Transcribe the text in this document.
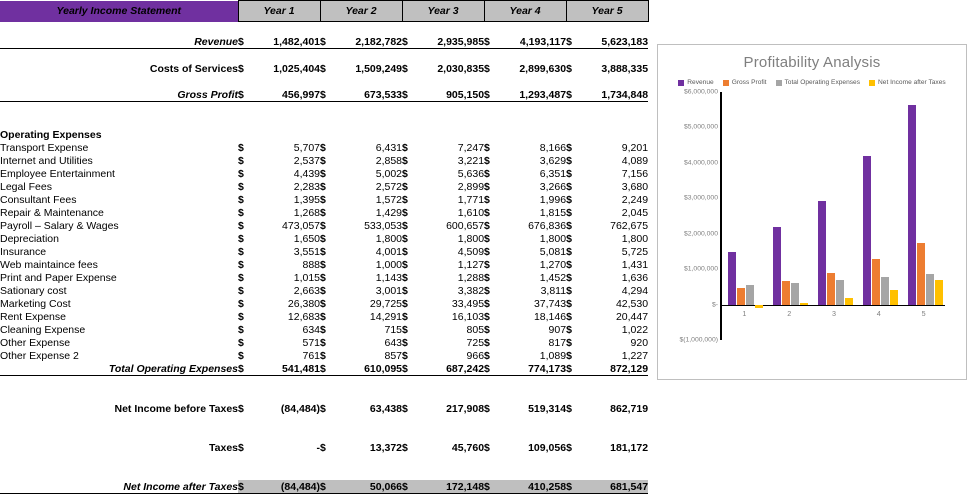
Yearly Income Statement	Year 1		Year 2		Year 3		Year 4		Year 5	

Revenue	$	1,482,401	$	2,182,782	$	2,935,985	$	4,193,117	$	5,623,183

Costs of Services	$	1,025,404	$	1,509,249	$	2,030,835	$	2,899,630	$	3,888,335

Gross Profit	$	456,997	$	673,533	$	905,150	$	1,293,487	$	1,734,848

Operating Expenses										
Transport Expense	$	5,707	$	6,431	$	7,247	$	8,166	$	9,201
Internet and Utilities	$	2,537	$	2,858	$	3,221	$	3,629	$	4,089
Employee Entertainment	$	4,439	$	5,002	$	5,636	$	6,351	$	7,156
Legal Fees	$	2,283	$	2,572	$	2,899	$	3,266	$	3,680
Consultant Fees	$	1,395	$	1,572	$	1,771	$	1,996	$	2,249
Repair & Maintenance	$	1,268	$	1,429	$	1,610	$	1,815	$	2,045
Payroll – Salary & Wages	$	473,057	$	533,053	$	600,657	$	676,836	$	762,675
Depreciation	$	1,650	$	1,800	$	1,800	$	1,800	$	1,800
Insurance	$	3,551	$	4,001	$	4,509	$	5,081	$	5,725
Web maintaince fees	$	888	$	1,000	$	1,127	$	1,270	$	1,431
Print and Paper Expense	$	1,015	$	1,143	$	1,288	$	1,452	$	1,636
Sationary cost	$	2,663	$	3,001	$	3,382	$	3,811	$	4,294
Marketing Cost	$	26,380	$	29,725	$	33,495	$	37,743	$	42,530
Rent Expense	$	12,683	$	14,291	$	16,103	$	18,146	$	20,447
Cleaning Expense	$	634	$	715	$	805	$	907	$	1,022
Other Expense	$	571	$	643	$	725	$	817	$	920
Other Expense 2	$	761	$	857	$	966	$	1,089	$	1,227
Total Operating Expenses	$	541,481	$	610,095	$	687,242	$	774,173	$	872,129

Net Income before Taxes	$	(84,484)	$	63,438	$	217,908	$	519,314	$	862,719

Taxes	$	-	$	13,372	$	45,760	$	109,056	$	181,172

Net Income after Taxes	$	(84,484)	$	50,066	$	172,148	$	410,258	$	681,547
Profitability Analysis
Revenue	Gross Profit	Total Operating Expenses	Net Income after Taxes
$6,000,000
$5,000,000
$4,000,000
$3,000,000
$2,000,000
$1,000,000
$-
$(1,000,000)
1	2	3	4	5
